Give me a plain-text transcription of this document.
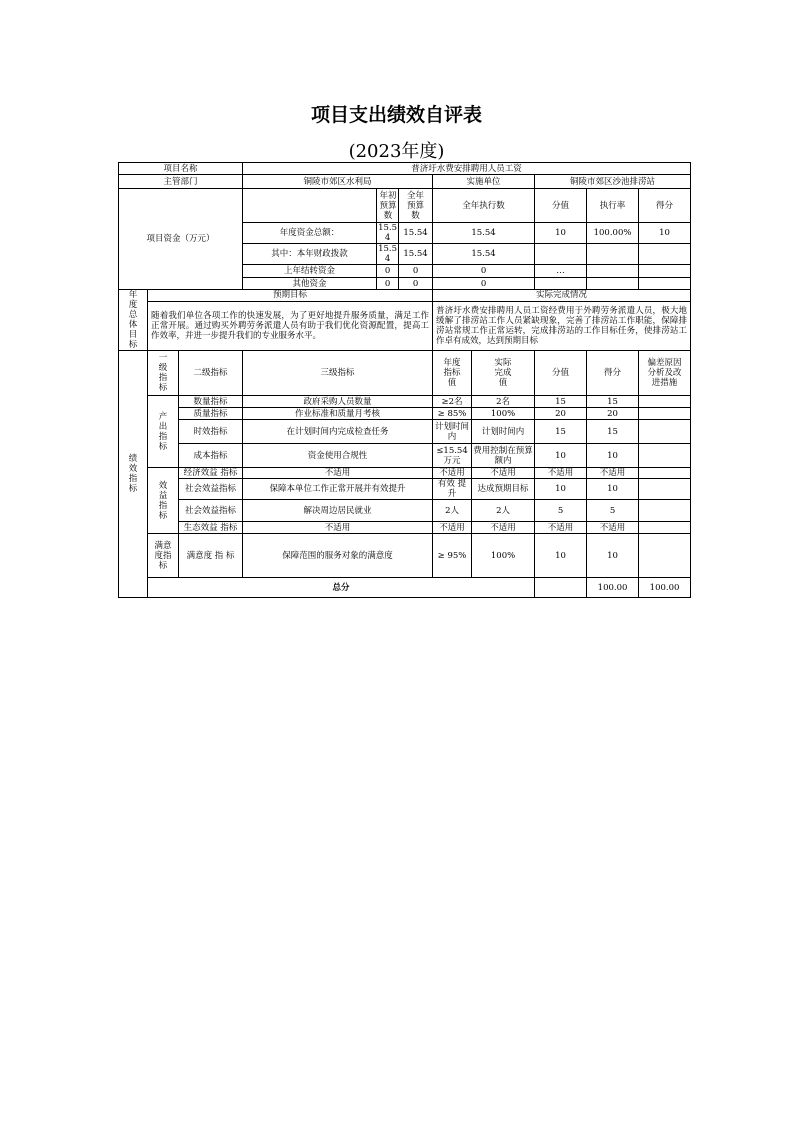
项目支出绩效自评表
(2023年度)
项目名称			普济圩水费安排聘用人员工资								
主管部门			铜陵市郊区水利局			实施单位		铜陵市郊区沙池排涝站			
项目资金（万元）				年初预算数	全年预算数	全年执行数		分值	执行率	得分	
			年度资金总额：	15.54	15.54	15.54		10	100.00%	10	
			其中：本年财政拨款	15.54	15.54	15.54					
			上年结转资金	0	0	0		…			
			其他资金	0	0	0					
年度总体目标	预期目标					实际完成情况					
	随着我们单位各项工作的快速发展，为了更好地提升服务质量，满足工作正常开展。通过购买外聘劳务派遣人员有助于我们优化资源配置，提高工作效率，并进一步提升我们的专业服务水平。					普济圩水费安排聘用人员工资经费用于外聘劳务派遣人员，极大地缓解了排涝站工作人员紧缺现象，完善了排涝站工作职能，保障排涝站常规工作正常运转，完成排涝站的工作目标任务，使排涝站工作卓有成效，达到预期目标					
绩效指标	一级指标	二级指标	三级指标			年度指标值	实际完成值	分值	得分	偏差原因分析及改进措施	
	产出指标	数量指标	政府采购人员数量			≥2名	2名	15	15		
		质量指标	作业标准和质量月考核			≥ 85%	100%	20	20		
		时效指标	在计划时间内完成检查任务			计划时间内	计划时间内	15	15		
		成本指标	资金使用合规性			≤15.54万元	费用控制在预算额内	10	10		
	效益指标	经济效益 指标	不适用			不适用	不适用	不适用	不适用		
		社会效益指标	保障本单位工作正常开展并有效提升			有效 提升	达成预期目标	10	10		
		社会效益指标	解决周边居民就业			2人	2人	5	5		
		生态效益 指标	不适用			不适用	不适用	不适用	不适用		
	满意度指标	满意度 指 标	保障范围的服务对象的满意度			≥ 95%	100%	10	10		
	总分								100.00	100.00	
